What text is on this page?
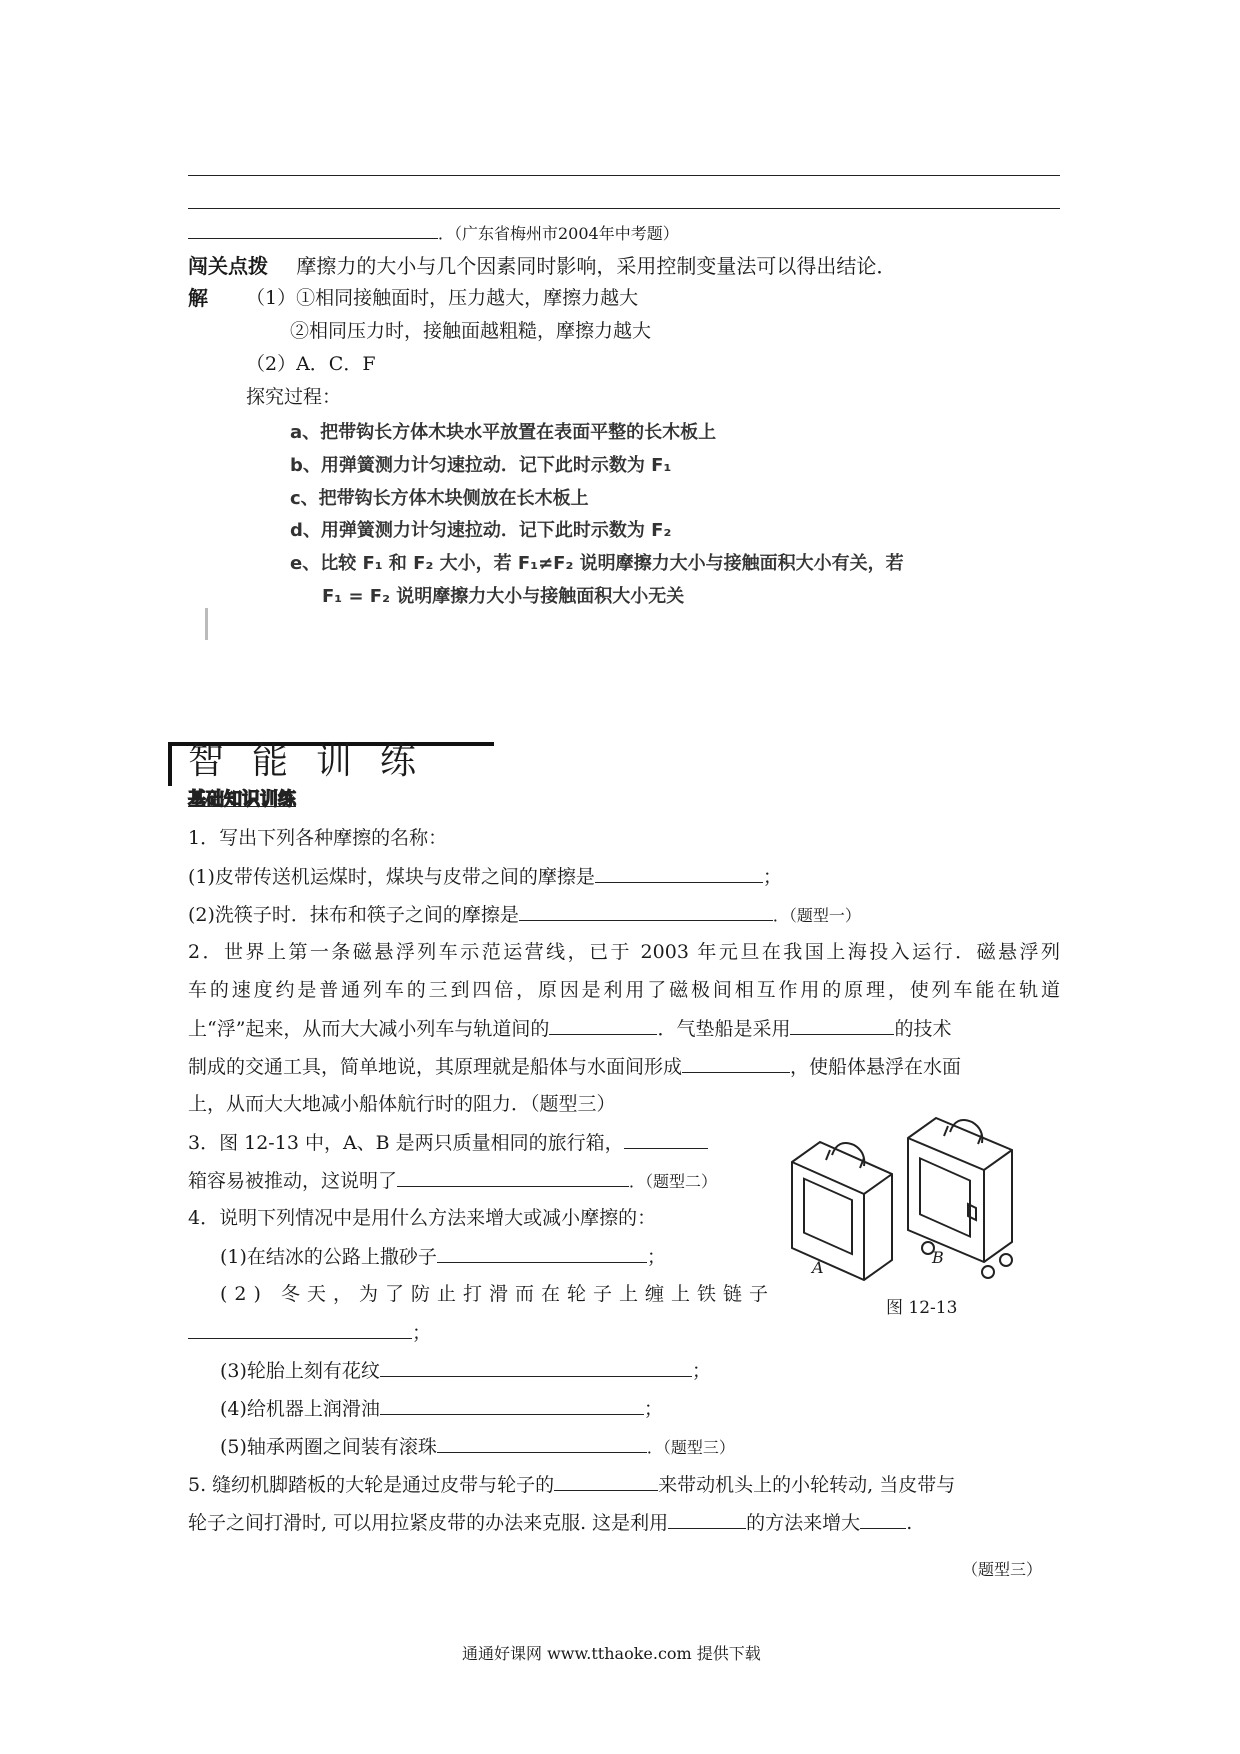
．（广东省梅州市2004年中考题）
闯关点拨 摩擦力的大小与几个因素同时影响，采用控制变量法可以得出结论．
解 （1）①相同接触面时，压力越大，摩擦力越大
②相同压力时，接触面越粗糙，摩擦力越大
（2）A．C．F
探究过程：
a、把带钩长方体木块水平放置在表面平整的长木板上
b、用弹簧测力计匀速拉动．记下此时示数为 F₁
c、把带钩长方体木块侧放在长木板上
d、用弹簧测力计匀速拉动．记下此时示数为 F₂
e、比较 F₁ 和 F₂ 大小，若 F₁≠F₂ 说明摩擦力大小与接触面积大小有关，若
F₁ = F₂ 说明摩擦力大小与接触面积大小无关
智能训练
基础知识训练
1．写出下列各种摩擦的名称：
(1)皮带传送机运煤时，煤块与皮带之间的摩擦是	；
(2)洗筷子时．抹布和筷子之间的摩擦是	．（题型一）
2．世界上第一条磁悬浮列车示范运营线，已于 2003 年元旦在我国上海投入运行．磁悬浮列
车的速度约是普通列车的三到四倍，原因是利用了磁极间相互作用的原理，使列车能在轨道
上“浮”起来，从而大大减小列车与轨道间的	．气垫船是采用	的技术
制成的交通工具，简单地说，其原理就是船体与水面间形成	，使船体悬浮在水面
上，从而大大地减小船体航行时的阻力．（题型三）
3．图 12-13 中，A、B 是两只质量相同的旅行箱，
箱容易被推动，这说明了	．（题型二）
A
B
图 12-13
4．说明下列情况中是用什么方法来增大或减小摩擦的：
(1)在结冰的公路上撒砂子	；
(2) 冬天，为了防止打滑而在轮子上缠上铁链子
；
(3)轮胎上刻有花纹	；
(4)给机器上润滑油	；
(5)轴承两圈之间装有滚珠	．（题型三）
5. 缝纫机脚踏板的大轮是通过皮带与轮子的	来带动机头上的小轮转动, 当皮带与
轮子之间打滑时, 可以用拉紧皮带的办法来克服. 这是利用	的方法来增大 .
（题型三）
通通好课网 www.tthaoke.com 提供下载
